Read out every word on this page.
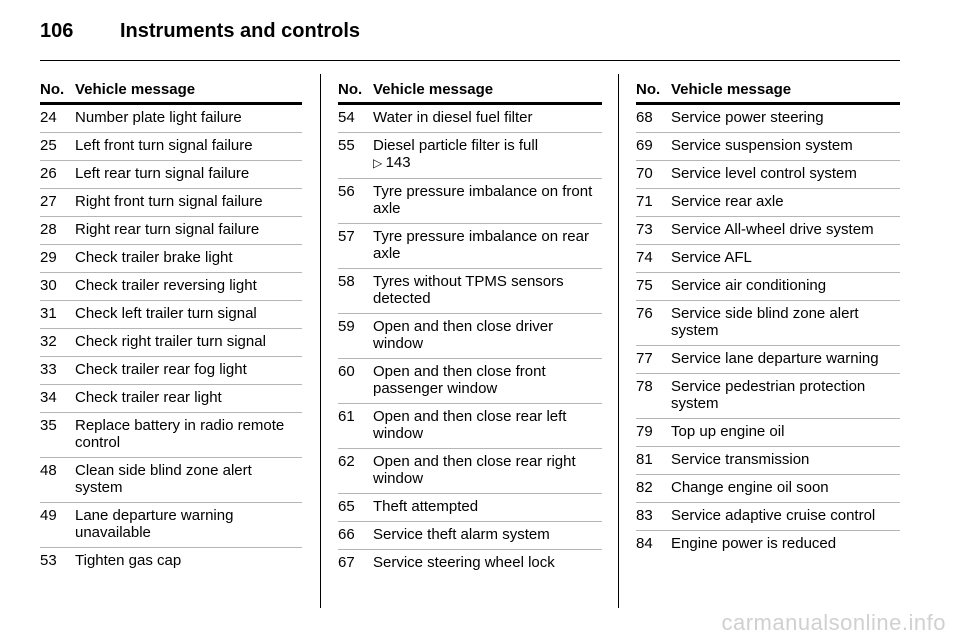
106 Instruments and controls
No. Vehicle message
24	Number plate light failure
25	Left front turn signal failure
26	Left rear turn signal failure
27	Right front turn signal failure
28	Right rear turn signal failure
29	Check trailer brake light
30	Check trailer reversing light
31	Check left trailer turn signal
32	Check right trailer turn signal
33	Check trailer rear fog light
34	Check trailer rear light
35	Replace battery in radio remote control
48	Clean side blind zone alert system
49	Lane departure warning unavailable
53	Tighten gas cap
No. Vehicle message
54	Water in diesel fuel filter
55	Diesel particle filter is full
▷ 143
56	Tyre pressure imbalance on front axle
57	Tyre pressure imbalance on rear axle
58	Tyres without TPMS sensors detected
59	Open and then close driver window
60	Open and then close front passenger window
61	Open and then close rear left window
62	Open and then close rear right window
65	Theft attempted
66	Service theft alarm system
67	Service steering wheel lock
No. Vehicle message
68	Service power steering
69	Service suspension system
70	Service level control system
71	Service rear axle
73	Service All-wheel drive system
74	Service AFL
75	Service air conditioning
76	Service side blind zone alert system
77	Service lane departure warning
78	Service pedestrian protection system
79	Top up engine oil
81	Service transmission
82	Change engine oil soon
83	Service adaptive cruise control
84	Engine power is reduced
carmanualsonline.info
